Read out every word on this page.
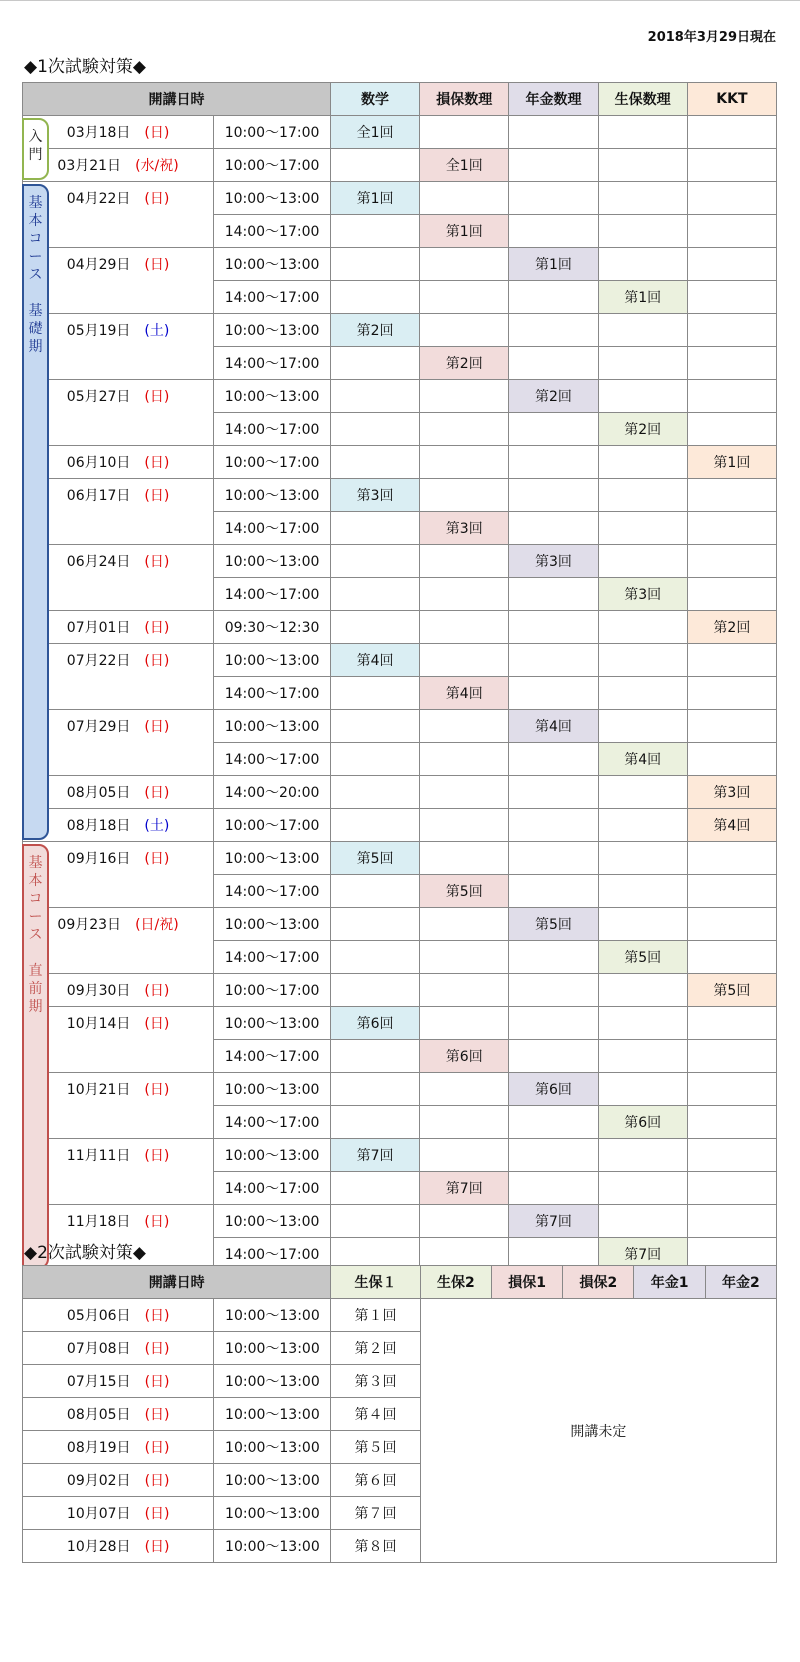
2018年3月29日現在
◆1次試験対策◆
開講日時		数学	損保数理	年金数理	生保数理	KKT
03月18日 (日)	10:00～17:00	全1回				
03月21日 (水/祝)	10:00～17:00		全1回			
04月22日 (日)	10:00～13:00	第1回				
	14:00～17:00		第1回			
04月29日 (日)	10:00～13:00			第1回		
	14:00～17:00				第1回	
05月19日 (土)	10:00～13:00	第2回				
	14:00～17:00		第2回			
05月27日 (日)	10:00～13:00			第2回		
	14:00～17:00				第2回	
06月10日 (日)	10:00～17:00					第1回
06月17日 (日)	10:00～13:00	第3回				
	14:00～17:00		第3回			
06月24日 (日)	10:00～13:00			第3回		
	14:00～17:00				第3回	
07月01日 (日)	09:30～12:30					第2回
07月22日 (日)	10:00～13:00	第4回				
	14:00～17:00		第4回			
07月29日 (日)	10:00～13:00			第4回		
	14:00～17:00				第4回	
08月05日 (日)	14:00～20:00					第3回
08月18日 (土)	10:00～17:00					第4回
09月16日 (日)	10:00～13:00	第5回				
	14:00～17:00		第5回			
09月23日 (日/祝)	10:00～13:00			第5回		
	14:00～17:00				第5回	
09月30日 (日)	10:00～17:00					第5回
10月14日 (日)	10:00～13:00	第6回				
	14:00～17:00		第6回			
10月21日 (日)	10:00～13:00			第6回		
	14:00～17:00				第6回	
11月11日 (日)	10:00～13:00	第7回				
	14:00～17:00		第7回			
11月18日 (日)	10:00～13:00			第7回		
	14:00～17:00				第7回	
入
門
基
本
コ
ー
ス
基
礎
期
基
本
コ
ー
ス
直
前
期
◆2次試験対策◆
開講日時		生保１	生保2	損保1	損保2	年金1	年金2
05月06日 (日)	10:00～13:00	第１回	開講未定				
07月08日 (日)	10:00～13:00	第２回					
07月15日 (日)	10:00～13:00	第３回					
08月05日 (日)	10:00～13:00	第４回					
08月19日 (日)	10:00～13:00	第５回					
09月02日 (日)	10:00～13:00	第６回					
10月07日 (日)	10:00～13:00	第７回					
10月28日 (日)	10:00～13:00	第８回					
